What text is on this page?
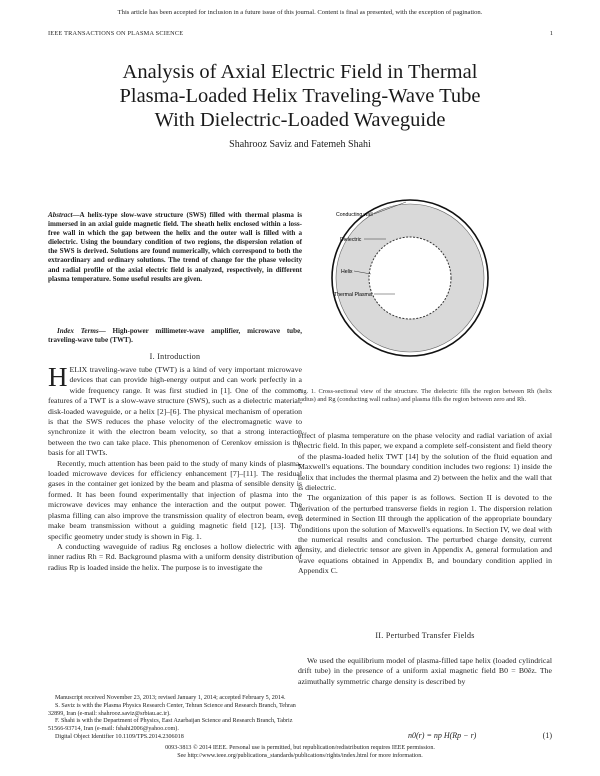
This article has been accepted for inclusion in a future issue of this journal. Content is final as presented, with the exception of pagination.
IEEE TRANSACTIONS ON PLASMA SCIENCE	1
Analysis of Axial Electric Field in Thermal
Plasma-Loaded Helix Traveling-Wave Tube
With Dielectric-Loaded Waveguide
Shahrooz Saviz and Fatemeh Shahi

Abstract—A helix-type slow-wave structure (SWS) filled with thermal plasma is immersed in an axial guide magnetic field. The sheath helix enclosed within a loss-free wall in which the gap between the helix and the outer wall is filled with a dielectric. Using the boundary condition of two regions, the dispersion relation of the SWS is derived. Solutions are found numerically, which correspond to both the extraordinary and ordinary solutions. The trend of change for the phase velocity and radial profile of the axial electric field is analyzed, respectively, in different plasma temperature. Some useful results are given.

Index Terms— High-power millimeter-wave amplifier, microwave tube, traveling-wave tube (TWT).

I. Introduction

HELIX traveling-wave tube (TWT) is a kind of very important microwave devices that can provide high-energy output and can work perfectly in a wide frequency range. It was first studied in [1]. One of the common features of a TWT is a slow-wave structure (SWS), such as a dielectric material, disk-loaded waveguide, or a helix [2]–[6]. The physical mechanism of operation is that the SWS reduces the phase velocity of the electromagnetic wave to synchronize it with the electron beam velocity, so that a strong interaction between the two can take place. This phenomenon of Cerenkov emission is the basis for all TWTs.

Recently, much attention has been paid to the study of many kinds of plasma-loaded microwave devices for efficiency enhancement [7]–[11]. The residual gases in the container get ionized by the beam and plasma of sensible density is formed. It has been found experimentally that injection of plasma into the microwave devices may enhance the interaction and the output power. The plasma filling can also improve the transmission quality of electron beam, even make beam transmission without a guiding magnetic field [12], [13]. The specific geometry under study is shown in Fig. 1.

A conducting waveguide of radius Rg encloses a hollow dielectric with an inner radius Rh = Rd. Background plasma with a uniform density distribution of radius Rp is loaded inside the helix. The purpose is to investigate the

Manuscript received November 23, 2013; revised January 1, 2014; accepted February 5, 2014.

S. Saviz is with the Plasma Physics Research Center, Tehran Science and Research Branch, Tehran 32899, Iran (e-mail: shahrooz.saviz@srbiau.ac.ir).

F. Shahi is with the Department of Physics, East Azarbaijan Science and Research Branch, Tabriz 51566-93714, Iran (e-mail: fshahi2006@yahoo.com).

Digital Object Identifier 10.1109/TPS.2014.2306018

Conducting wall
Dielectric
Helix
Thermal Plasma
Fig. 1. Cross-sectional view of the structure. The dielectric fills the region between Rh (helix radius) and Rg (conducting wall radius) and plasma fills the region between zero and Rh.

effect of plasma temperature on the phase velocity and radial variation of axial electric field. In this paper, we expand a complete self-consistent and field theory of the plasma-loaded helix TWT [14] by the solution of the fluid equation and Maxwell's equations. The boundary condition includes two regions: 1) inside the helix that includes the thermal plasma and 2) between the helix and the wall that is dielectric.

The organization of this paper is as follows. Section II is devoted to the derivation of the perturbed transverse fields in region 1. The dispersion relation is determined in Section III through the application of the appropriate boundary conditions upon the solution of Maxwell's equations. In Section IV, we deal with the numerical results and conclusion. The perturbed charge density, current density, and dielectric tensor are given in Appendix A, general formulation and wave equations obtained in Appendix B, and boundary condition applied in Appendix C.

II. Perturbed Transfer Fields

We used the equilibrium model of plasma-filled tape helix (loaded cylindrical drift tube) in the presence of a uniform axial magnetic field B0 = B0êz. The azimuthally symmetric charge density is described by

n0(r) = np H(Rp − r)	(1)
0093-3813 © 2014 IEEE. Personal use is permitted, but republication/redistribution requires IEEE permission.
See http://www.ieee.org/publications_standards/publications/rights/index.html for more information.
